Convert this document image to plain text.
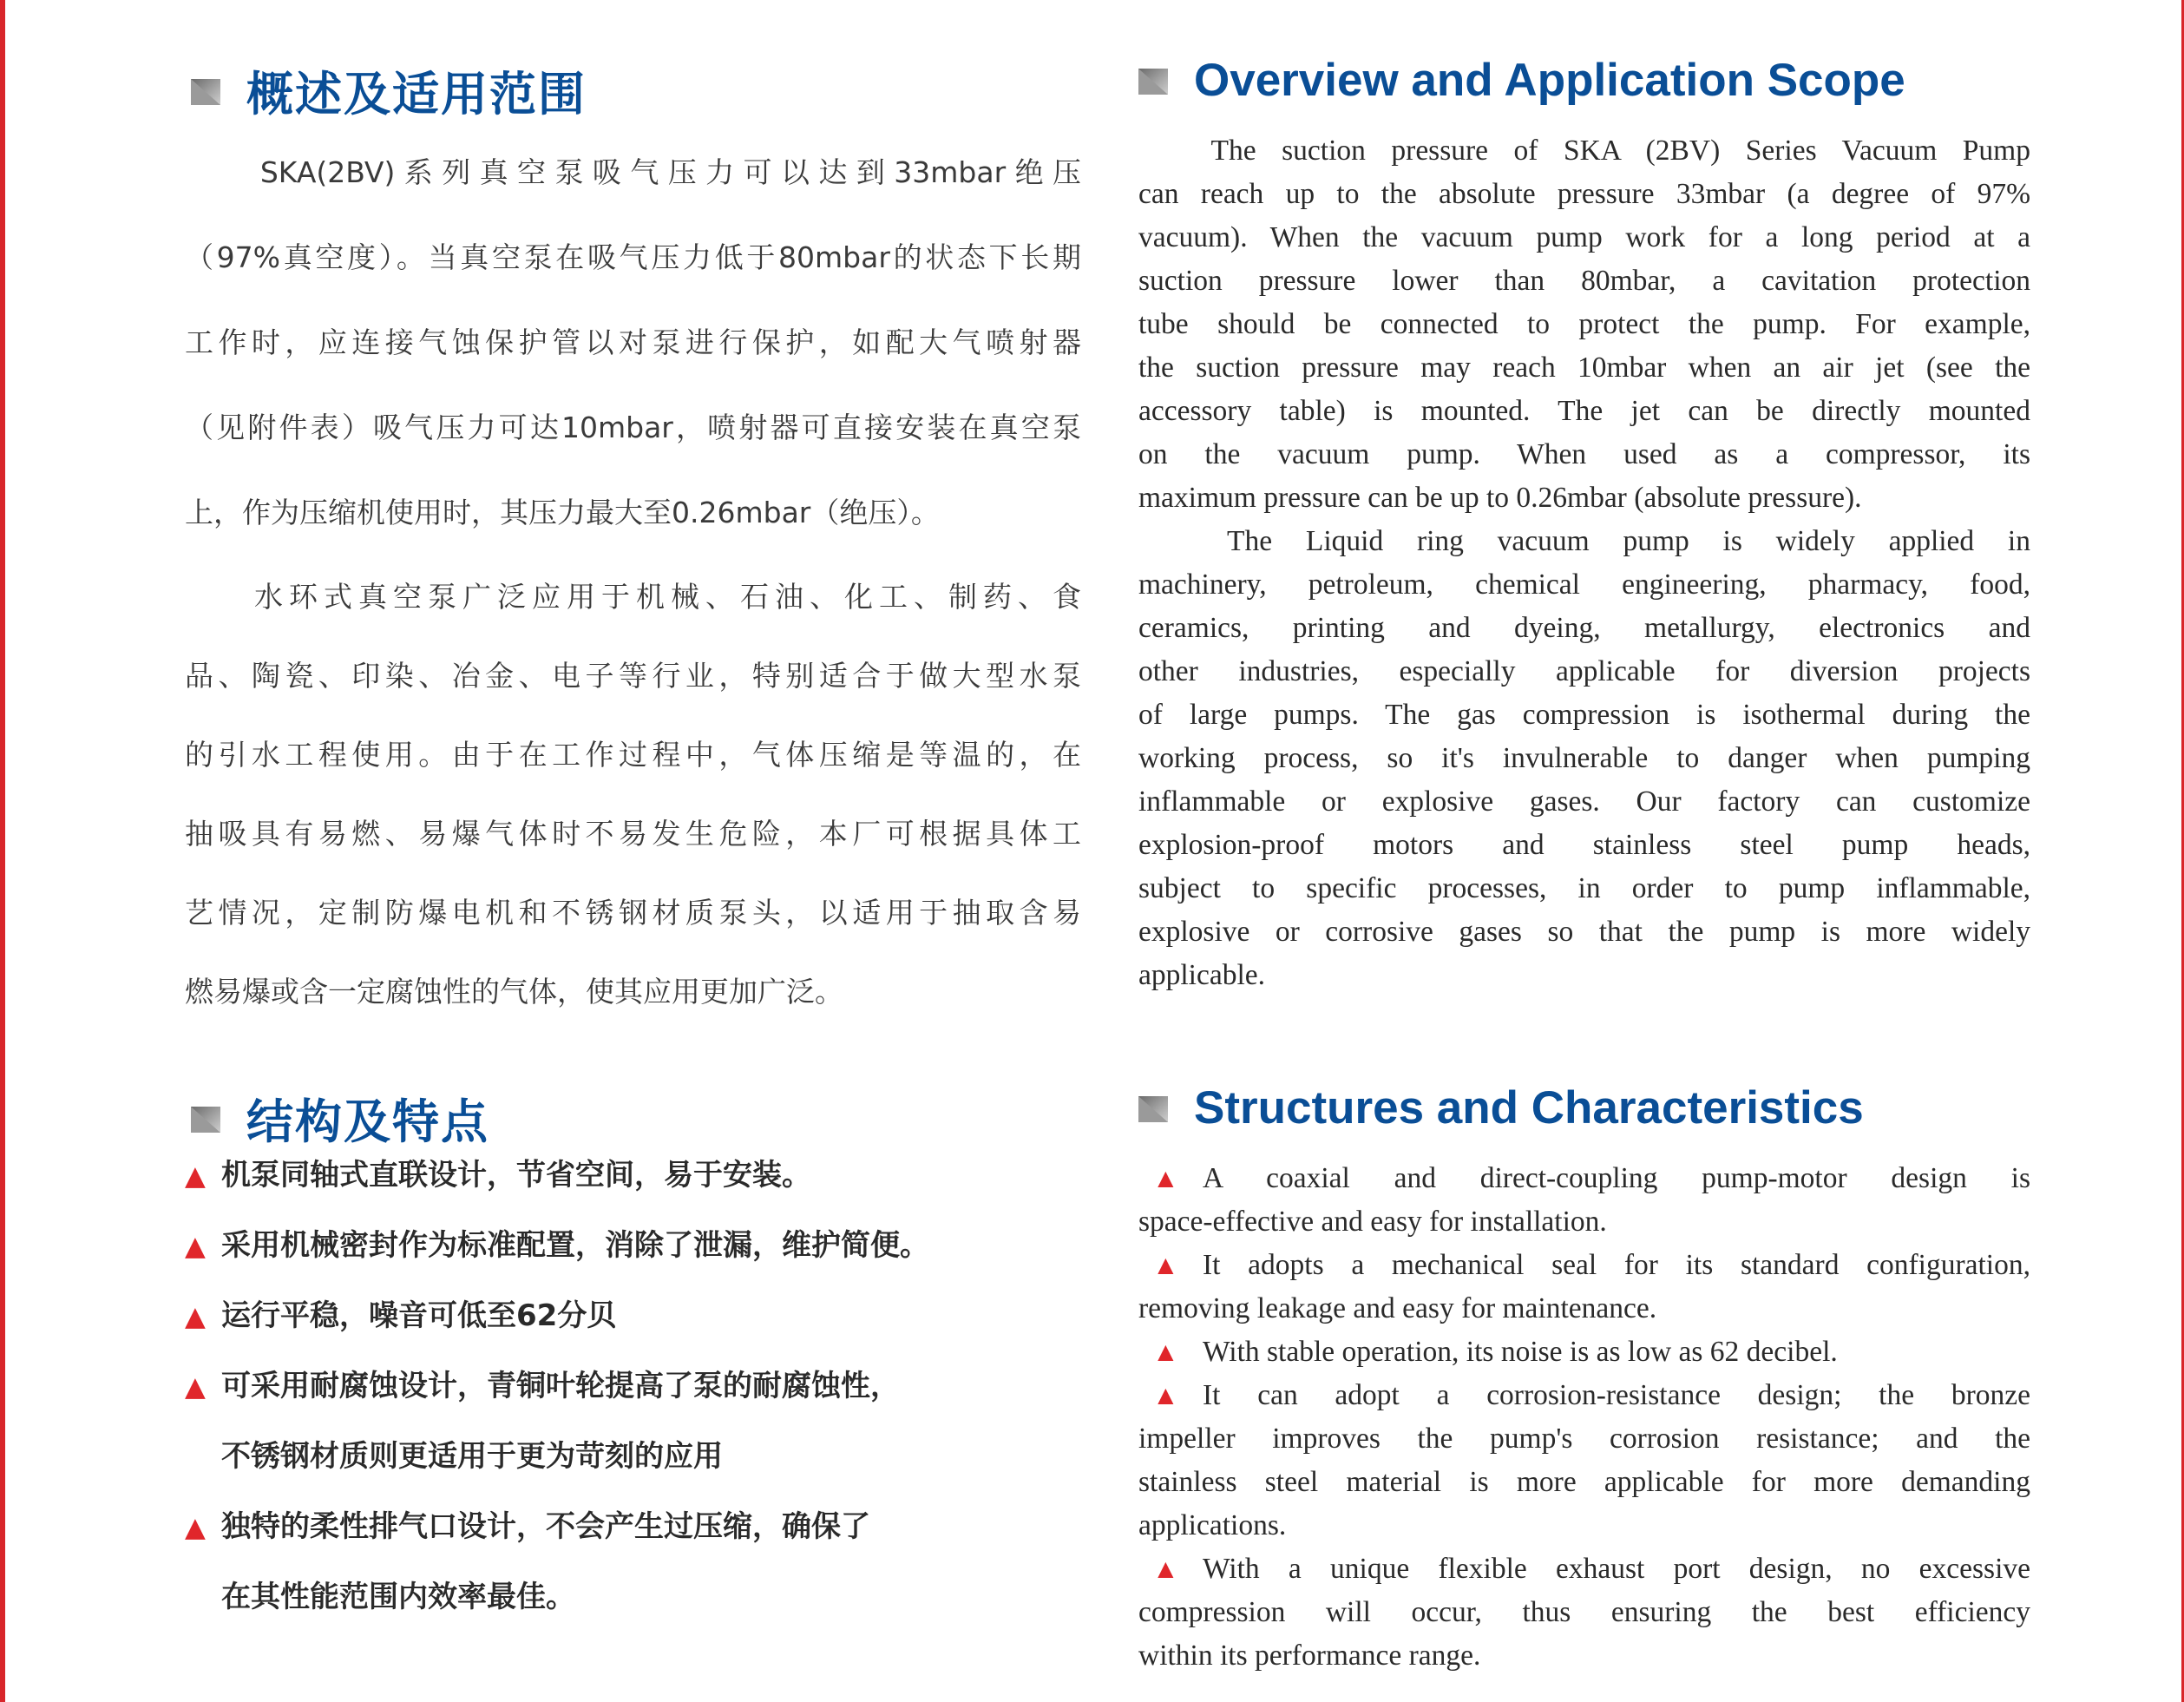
概述及适用范围	Overview and Application Scope
　　SKA(2BV)系列真空泵吸气压力可以达到33mbar绝压
（97%真空度）。当真空泵在吸气压力低于80mbar的状态下长期
工作时，应连接气蚀保护管以对泵进行保护，如配大气喷射器
（见附件表）吸气压力可达10mbar，喷射器可直接安装在真空泵
上，作为压缩机使用时，其压力最大至0.26mbar（绝压）。
　　水环式真空泵广泛应用于机械、石油、化工、制药、食
品、陶瓷、印染、冶金、电子等行业，特别适合于做大型水泵
的引水工程使用。由于在工作过程中，气体压缩是等温的，在
抽吸具有易燃、易爆气体时不易发生危险，本厂可根据具体工
艺情况，定制防爆电机和不锈钢材质泵头，以适用于抽取含易
燃易爆或含一定腐蚀性的气体，使其应用更加广泛。
　 The suction pressure of SKA (2BV) Series Vacuum Pump
can reach up to the absolute pressure 33mbar (a degree of 97%
vacuum). When the vacuum pump work for a long period at a
suction pressure lower than 80mbar, a cavitation protection
tube should be connected to protect the pump. For example,
the suction pressure may reach 10mbar when an air jet (see the
accessory table) is mounted. The jet can be directly mounted
on the vacuum pump. When used as a compressor, its
maximum pressure can be up to 0.26mbar (absolute pressure).
　 The Liquid ring vacuum pump is widely applied in
machinery, petroleum, chemical engineering, pharmacy, food,
ceramics, printing and dyeing, metallurgy, electronics and
other industries, especially applicable for diversion projects
of large pumps. The gas compression is isothermal during the
working process, so it's invulnerable to danger when pumping
inflammable or explosive gases. Our factory can customize
explosion-proof motors and stainless steel pump heads,
subject to specific processes, in order to pump inflammable,
explosive or corrosive gases so that the pump is more widely
applicable.
结构及特点	Structures and Characteristics
▲ 机泵同轴式直联设计，节省空间，易于安装。
▲ 采用机械密封作为标准配置，消除了泄漏，维护简便。
▲ 运行平稳，噪音可低至62分贝
▲ 可采用耐腐蚀设计，青铜叶轮提高了泵的耐腐蚀性，
不锈钢材质则更适用于更为苛刻的应用
▲ 独特的柔性排气口设计，不会产生过压缩，确保了
在其性能范围内效率最佳。
▲ A coaxial and direct-coupling pump-motor design is
space-effective and easy for installation.
▲ It adopts a mechanical seal for its standard configuration,
removing leakage and easy for maintenance.
▲ With stable operation, its noise is as low as 62 decibel.
▲ It can adopt a corrosion-resistance design; the bronze
impeller improves the pump's corrosion resistance; and the
stainless steel material is more applicable for more demanding
applications.
▲ With a unique flexible exhaust port design, no excessive
compression will occur, thus ensuring the best efficiency
within its performance range.
